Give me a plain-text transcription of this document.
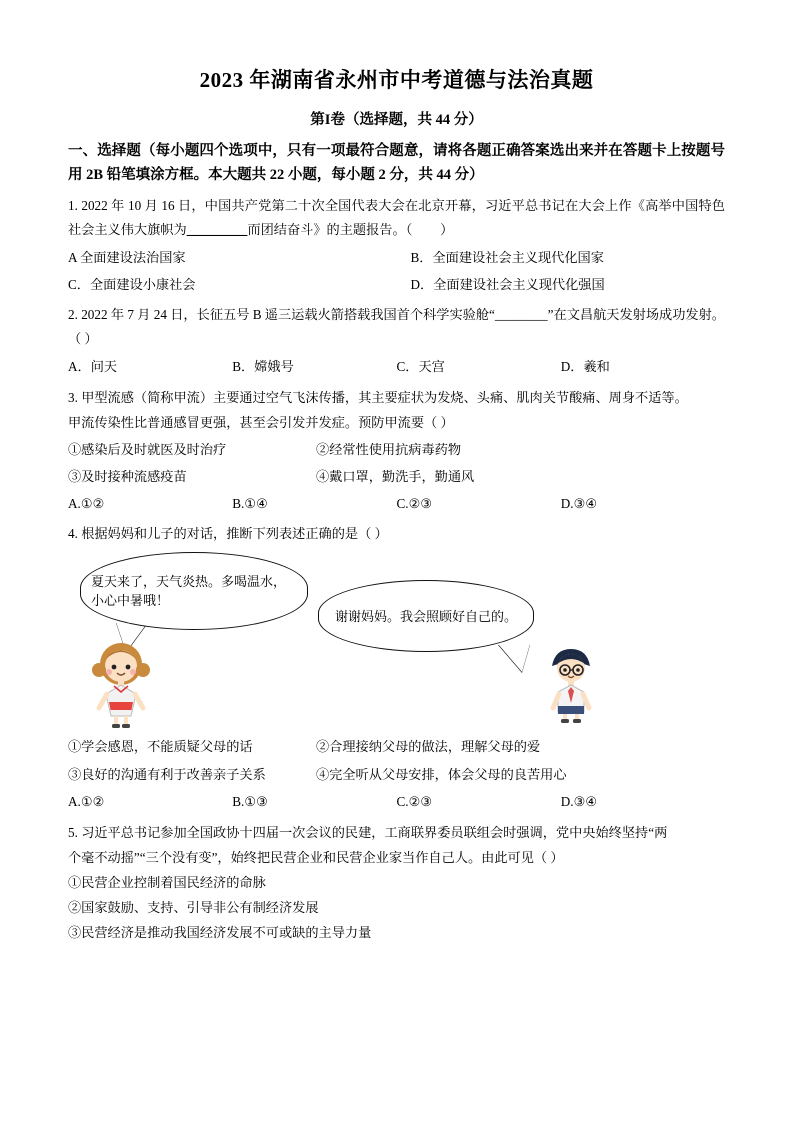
2023 年湖南省永州市中考道德与法治真题
第I卷（选择题，共 44 分）
一、选择题（每小题四个选项中，只有一项最符合题意，请将各题正确答案选出来并在答题卡上按题号用 2B 铅笔填涂方框。本大题共 22 小题，每小题 2 分，共 44 分）
1. 2022 年 10 月 16 日，中国共产党第二十次全国代表大会在北京开幕，习近平总书记在大会上作《高举中国特色社会主义伟大旗帜为________而团结奋斗》的主题报告。（ ）
A 全面建设法治国家	B．全面建设社会主义现代化国家
C．全面建设小康社会	D．全面建设社会主义现代化强国
2. 2022 年 7 月 24 日，长征五号 B 遥三运载火箭搭载我国首个科学实验舱“________”在文昌航天发射场成功发射。（ ）
A．问天	B．嫦娥号	C．天宫	D．羲和
3. 甲型流感（简称甲流）主要通过空气飞沫传播，其主要症状为发烧、头痛、肌肉关节酸痛、周身不适等。
甲流传染性比普通感冒更强，甚至会引发并发症。预防甲流要（ ）
①感染后及时就医及时治疗	②经常性使用抗病毒药物
③及时接种流感疫苗	④戴口罩，勤洗手，勤通风
A.①②	B.①④	C.②③	D.③④
4. 根据妈妈和儿子的对话，推断下列表述正确的是（ ）
夏天来了，天气炎热。多喝温水，小心中暑哦！
谢谢妈妈。我会照顾好自己的。
①学会感恩，不能质疑父母的话	②合理接纳父母的做法，理解父母的爱
③良好的沟通有利于改善亲子关系	④完全听从父母安排，体会父母的良苦用心
A.①②	B.①③	C.②③	D.③④
5. 习近平总书记参加全国政协十四届一次会议的民建，工商联界委员联组会时强调，党中央始终坚持“两
个毫不动摇”“三个没有变”，始终把民营企业和民营企业家当作自己人。由此可见（ ）
①民营企业控制着国民经济的命脉
②国家鼓励、支持、引导非公有制经济发展
③民营经济是推动我国经济发展不可或缺的主导力量
